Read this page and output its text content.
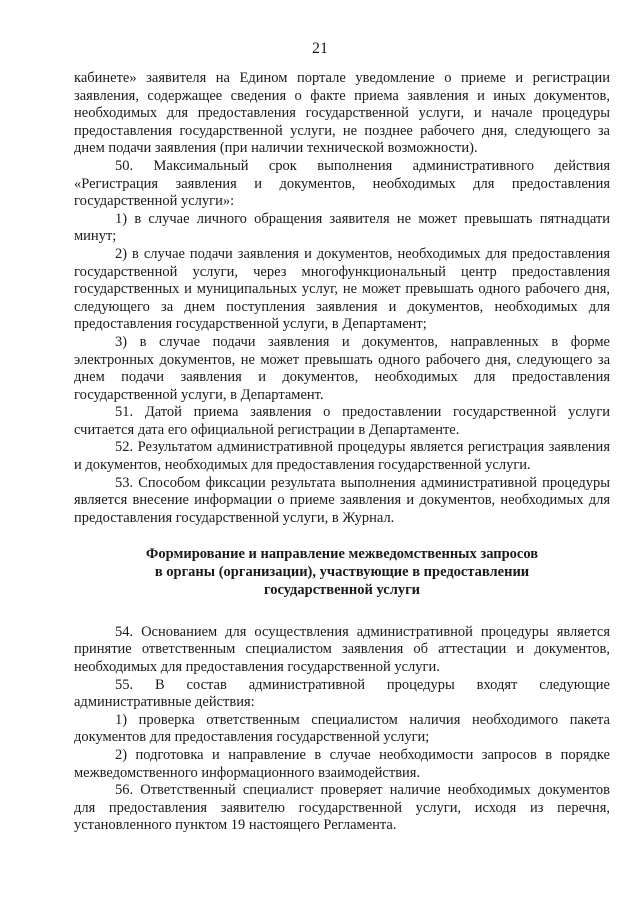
21

кабинете» заявителя на Едином портале уведомление о приеме и регистрации заявления, содержащее сведения о факте приема заявления и иных документов, необходимых для предоставления государственной услуги, и начале процедуры предоставления государственной услуги, не позднее рабочего дня, следующего за днем подачи заявления (при наличии технической возможности).

50. Максимальный срок выполнения административного действия «Регистрация заявления и документов, необходимых для предоставления государственной услуги»:

1) в случае личного обращения заявителя не может превышать пятнадцати минут;

2) в случае подачи заявления и документов, необходимых для предоставления государственной услуги, через многофункциональный центр предоставления государственных и муниципальных услуг, не может превышать одного рабочего дня, следующего за днем поступления заявления и документов, необходимых для предоставления государственной услуги, в Департамент;

3) в случае подачи заявления и документов, направленных в форме электронных документов, не может превышать одного рабочего дня, следующего за днем подачи заявления и документов, необходимых для предоставления государственной услуги, в Департамент.

51. Датой приема заявления о предоставлении государственной услуги считается дата его официальной регистрации в Департаменте.

52. Результатом административной процедуры является регистрация заявления и документов, необходимых для предоставления государственной услуги.

53. Способом фиксации результата выполнения административной процедуры является внесение информации о приеме заявления и документов, необходимых для предоставления государственной услуги, в Журнал.

Формирование и направление межведомственных запросов
в органы (организации), участвующие в предоставлении
государственной услуги

54. Основанием для осуществления административной процедуры является принятие ответственным специалистом заявления об аттестации и документов, необходимых для предоставления государственной услуги.

55. В состав административной процедуры входят следующие административные действия:

1) проверка ответственным специалистом наличия необходимого пакета документов для предоставления государственной услуги;

2) подготовка и направление в случае необходимости запросов в порядке межведомственного информационного взаимодействия.

56. Ответственный специалист проверяет наличие необходимых документов для предоставления заявителю государственной услуги, исходя из перечня, установленного пунктом 19 настоящего Регламента.
